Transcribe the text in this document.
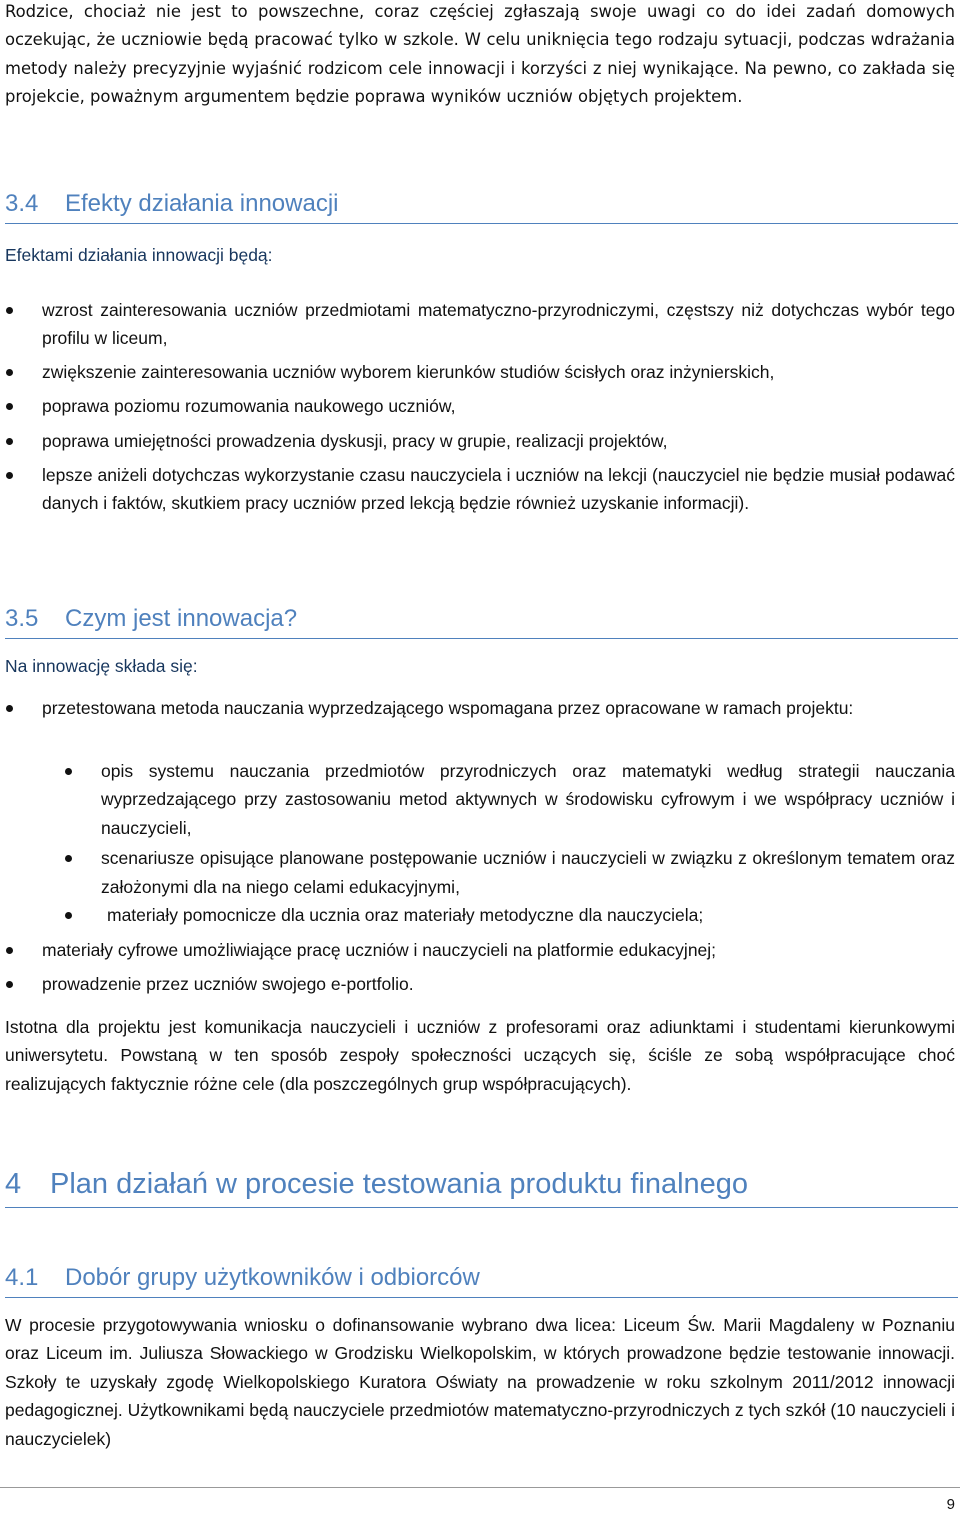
Rodzice, chociaż nie jest to powszechne, coraz częściej zgłaszają swoje uwagi co do idei zadań domowych oczekując, że uczniowie będą pracować tylko w szkole. W celu uniknięcia tego rodzaju sytuacji, podczas wdrażania metody należy precyzyjnie wyjaśnić rodzicom cele innowacji i korzyści z niej wynikające. Na pewno, co zakłada się projekcie, poważnym argumentem będzie poprawa wyników uczniów objętych projektem.

3.4 Efekty działania innowacji

Efektami działania innowacji będą:

wzrost zainteresowania uczniów przedmiotami matematyczno-przyrodniczymi, częstszy niż dotychczas wybór tego profilu w liceum,
zwiększenie zainteresowania uczniów wyborem kierunków studiów ścisłych oraz inżynierskich,
poprawa poziomu rozumowania naukowego uczniów,
poprawa umiejętności prowadzenia dyskusji, pracy w grupie, realizacji projektów,
lepsze aniżeli dotychczas wykorzystanie czasu nauczyciela i uczniów na lekcji (nauczyciel nie będzie musiał podawać danych i faktów, skutkiem pracy uczniów przed lekcją będzie również uzyskanie informacji).
3.5 Czym jest innowacja?

Na innowację składa się:

przetestowana metoda nauczania wyprzedzającego wspomagana przez opracowane w ramach projektu:
opis systemu nauczania przedmiotów przyrodniczych oraz matematyki według strategii nauczania wyprzedzającego przy zastosowaniu metod aktywnych w środowisku cyfrowym i we współpracy uczniów i nauczycieli,
scenariusze opisujące planowane postępowanie uczniów i nauczycieli w związku z określonym tematem oraz założonymi dla na niego celami edukacyjnymi,
materiały pomocnicze dla ucznia oraz materiały metodyczne dla nauczyciela;
materiały cyfrowe umożliwiające pracę uczniów i nauczycieli na platformie edukacyjnej;
prowadzenie przez uczniów swojego e-portfolio.

Istotna dla projektu jest komunikacja nauczycieli i uczniów z profesorami oraz adiunktami i studentami kierunkowymi uniwersytetu. Powstaną w ten sposób zespoły społeczności uczących się, ściśle ze sobą współpracujące choć realizujących faktycznie różne cele (dla poszczególnych grup współpracujących).

4 Plan działań w procesie testowania produktu finalnego
4.1 Dobór grupy użytkowników i odbiorców

W procesie przygotowywania wniosku o dofinansowanie wybrano dwa licea: Liceum Św. Marii Magdaleny w Poznaniu oraz Liceum im. Juliusza Słowackiego w Grodzisku Wielkopolskim, w których prowadzone będzie testowanie innowacji. Szkoły te uzyskały zgodę Wielkopolskiego Kuratora Oświaty na prowadzenie w roku szkolnym 2011/2012 innowacji pedagogicznej. Użytkownikami będą nauczyciele przedmiotów matematyczno-przyrodniczych z tych szkół (10 nauczycieli i nauczycielek)

9
